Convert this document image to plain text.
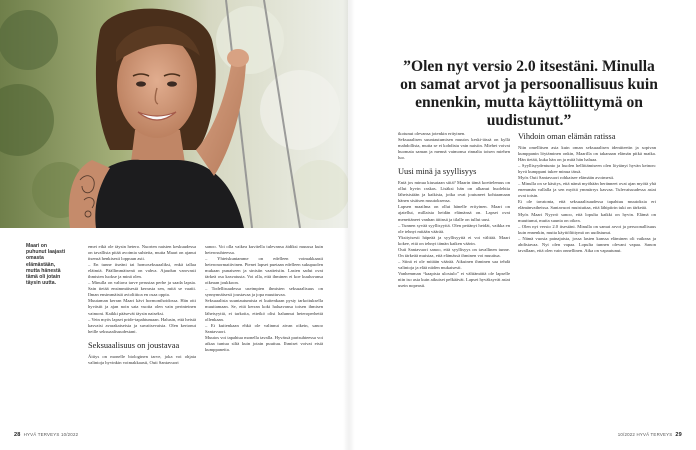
Maari on puhunut laajasti omasta elämästään, mutta hänestä tämä oli jotain täysin uutta.
”Olen nyt versio 2.0 itsestäni. Minulla on samat arvot ja persoonallisuus kuin ennenkin, mutta käyttöliittymä on uudistunut.”

emet eikä ole täysin hetero. Nuorten naisten keskuudessa on tavallista pitää avoimia suhteita, mutta Maari on ajanut itsensä henkisesti loppuun asti.

– En tunne itseäni tai homoseksuaaliksi, enkä tallaa eläimiä. Päällimmäisenä on vahva. Ajaudun varovasti ihmisten luokse ja minä olen.

– Minulla on valtava tarve perustaa perhe ja saada lapsia. Sain tietää ensimmäisestä kerrasta sen, mitä se vaatii. Ilman ensimmäistä avioliittoa en osaa oppia.

Muutaman kerran Maari kävi hormonihoidossa. Hän otti hyvästit ja ajan noin sata vuotta olen vain perinteinen vaimoni. Kaikki pääsevät täysin naiseksi.

– Vein myös lapset pride-tapahtumaan. Halusin, että heistä kasvaisi avarakatseisia ja suvaitsevaisia. Olen kertonut heille seksuaalisuudestani.

Seksuaalisuus on joustavaa

Äitiys on monelle biologinen tarve, joka voi ohjata valintoja hyvinkin voimakkaasti, Outi Santavuori

sanoo. Voi olla vaikea kuvitella tulevansa äidiksi muussa kuin heterosuhteessa.

– Yhteiskuntamme on edelleen voimakkaasti heteronormatiivinen. Pienet lapset puetaan edelleen sukupuolen mukaan punaiseen ja sinisiin vaatteisiin. Lasten sadut ovat tärkeä osa kasvatusta. Voi olla, että ihminen ei koe kuuluvansa oikeaan joukkoon.

– Todellisuudessa useimpien ihmisten seksuaalisuus on synnynnäisesti joustavaa ja jopa muuttuvaa.

Seksuaalista suuntautumista ei kuitenkaan pysty tarkoituksella muuttamaan. Se, että kerran koki haluavansa toisen ihmisen läheisyyttä, ei tarkoita, etteikö olisi halunnut heteroperhettä ollenkaan.

– Et kuitenkaan ehkä ole valinnut aivan oikein, sanoo Santavuori.

Muutos voi tapahtua monella tavalla. Hyvässä parisuhteessa voi aikaa tuntua siltä kuin jotain puuttuu. Ihmiset voivat etsiä kumppaneita.

tkotunut olevansa jotenkin erityinen.

Seksuaalisen suuntautumisen muutos keski-iässä on kyllä mahdollista, mutta se ei kohdistu vain naisiin. Miehet voivat huomata saman ja mennä vaimonsa rinnalta toisen miehen luo.

Uusi minä ja syyllisyys

Entä jos minua kiusataan siitä? Maarin tämä koettelemus on ollut hyvin raskas. Lisäksi hän on alkanut huolehtia läheisistään ja kaikista, jotka ovat joutuneet kohtaamaan hänen sisäisen muutoksensa.

Lapsen maailma on ollut hänelle erityinen. Maari on ajatellut, millaista heidän elämänsä on. Lapset ovat menettäneet vanhan äitinsä ja tilalle on tullut uusi.

– Tunnen syvää syyllisyyttä. Olen pettänyt heidät, vaikka en ole tehnyt mitään väärää.

Yksityisesti häpeää ja syyllisyyttä ei voi välttää. Maari kokee, että on tehnyt tämän kaiken väärin.

Outi Santavuori sanoo, että syyllisyys on tavallinen tunne. On tärkeää muistaa, että elämässä ihminen voi muuttua.

– Siinä ei ole mitään väärää. Aikuinen ihminen saa tehdä valintoja ja elää niiden mukaisesti.

Vanhemman “kaapista ulostulo” ei välttämättä ole lapselle niin iso asia kuin aikuiset pelkäävät. Lapset hyväksyvät asiat usein nopeasti.

Vihdoin oman elämän ratissa

Niin omellitsen asia kuin oman seksuaalisen identiteetin ja sopivan kumppanin löytäminen onkin, Maarilla on takanaan elämän pitkä matka. Hän tietää, kuka hän on ja mitä hän haluaa.

– Syyllisyydentunto ja huolen hellittämiseen olen löytänyt hyvän keinon: hyvä kumppani tukee minua tässä.

Myös Outi Santavuori rohkaisee elämään avoimesti.

– Minulla on se käsitys, että nämä myöhään heränneet ovat ajan myötä yhä enemmän vallalla ja sen myötä ymmärrys kasvaa. Tulevaisuudessa asiat ovat toisin.

Ei ole tavatonta, että seksuaalisuudessa tapahtuu muutoksia eri elämänvaiheissa. Santavuori muistuttaa, että lähipiirin tuki on tärkeää.

Myös Maari Nyyrrö sanoo, että lopulta kaikki on hyvin. Elämä on muuttunut, mutta suunta on oikea.

– Olen nyt versio 2.0 itsestäni. Minulla on samat arvot ja persoonallisuus kuin ennenkin, mutta käyttöliittymä on uudistunut.

– Nämä vuosia painajaista, jossa lasten kanssa eläminen oli vaikeaa ja ahdistavaa. Nyt olen vapaa. Lopulta tunnen olevani vapaa. Sanon tavallaan, että olen vain onnellinen. Aika on vapautunut.

28 HYVÄ TERVEYS 10/2022	10/2022 HYVÄ TERVEYS 29
